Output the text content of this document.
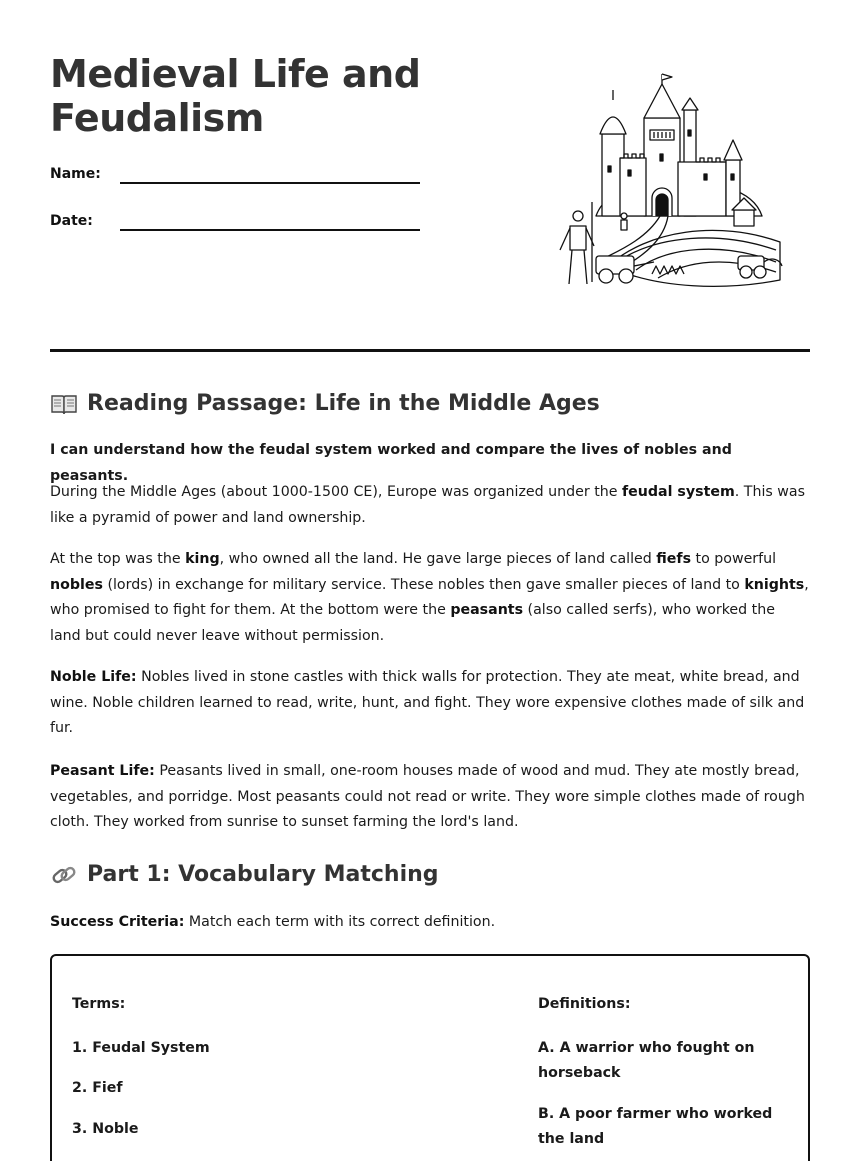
Medieval Life and Feudalism
Name:
Date:
Reading Passage: Life in the Middle Ages
I can understand how the feudal system worked and compare the lives of nobles and peasants.

During the Middle Ages (about 1000-1500 CE), Europe was organized under the feudal system. This was like a pyramid of power and land ownership.

At the top was the king, who owned all the land. He gave large pieces of land called fiefs to powerful nobles (lords) in exchange for military service. These nobles then gave smaller pieces of land to knights, who promised to fight for them. At the bottom were the peasants (also called serfs), who worked the land but could never leave without permission.

Noble Life: Nobles lived in stone castles with thick walls for protection. They ate meat, white bread, and wine. Noble children learned to read, write, hunt, and fight. They wore expensive clothes made of silk and fur.

Peasant Life: Peasants lived in small, one-room houses made of wood and mud. They ate mostly bread, vegetables, and porridge. Most peasants could not read or write. They wore simple clothes made of rough cloth. They worked from sunrise to sunset farming the lord's land.

Part 1: Vocabulary Matching

Success Criteria: Match each term with its correct definition.

Terms:
1. Feudal System
2. Fief
3. Noble
Definitions:
A. A warrior who fought on horseback
B. A poor farmer who worked the land
